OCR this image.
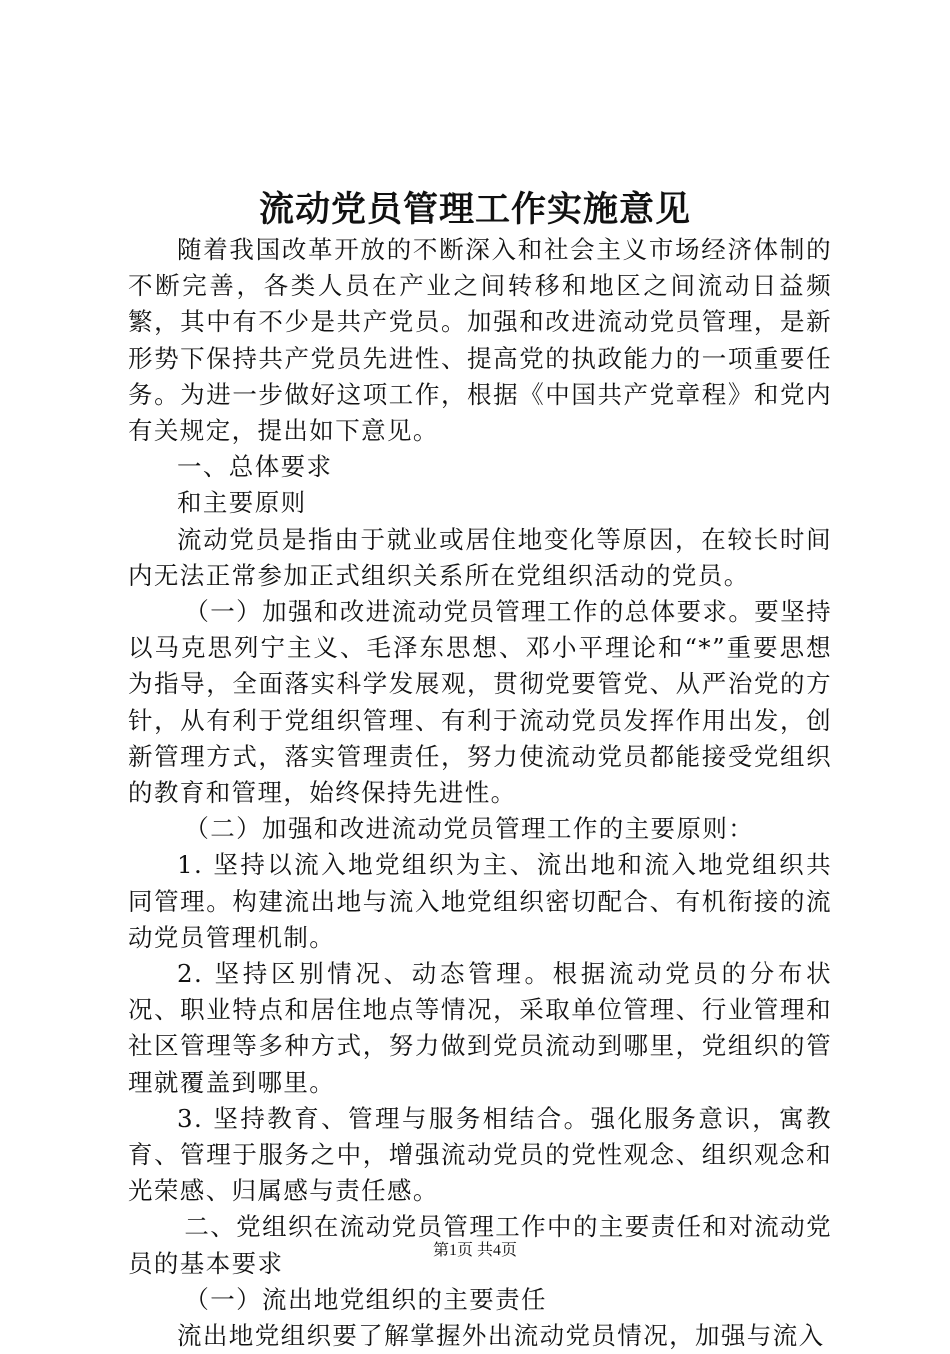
流动党员管理工作实施意见

随着我国改革开放的不断深入和社会主义市场经济体制的不断完善，各类人员在产业之间转移和地区之间流动日益频繁，其中有不少是共产党员。加强和改进流动党员管理，是新形势下保持共产党员先进性、提高党的执政能力的一项重要任务。为进一步做好这项工作，根据《中国共产党章程》和党内有关规定，提出如下意见。

一、总体要求

和主要原则

流动党员是指由于就业或居住地变化等原因，在较长时间内无法正常参加正式组织关系所在党组织活动的党员。

（一）加强和改进流动党员管理工作的总体要求。要坚持以马克思列宁主义、毛泽东思想、邓小平理论和“*”重要思想为指导，全面落实科学发展观，贯彻党要管党、从严治党的方针，从有利于党组织管理、有利于流动党员发挥作用出发，创新管理方式，落实管理责任，努力使流动党员都能接受党组织的教育和管理，始终保持先进性。

（二）加强和改进流动党员管理工作的主要原则：

1. 坚持以流入地党组织为主、流出地和流入地党组织共同管理。构建流出地与流入地党组织密切配合、有机衔接的流动党员管理机制。

2. 坚持区别情况、动态管理。根据流动党员的分布状况、职业特点和居住地点等情况，采取单位管理、行业管理和社区管理等多种方式，努力做到党员流动到哪里，党组织的管理就覆盖到哪里。

3. 坚持教育、管理与服务相结合。强化服务意识，寓教育、管理于服务之中，增强流动党员的党性观念、组织观念和光荣感、归属感与责任感。

二、党组织在流动党员管理工作中的主要责任和对流动党员的基本要求

（一）流出地党组织的主要责任

流出地党组织要了解掌握外出流动党员情况，加强与流入

第1页 共4页
